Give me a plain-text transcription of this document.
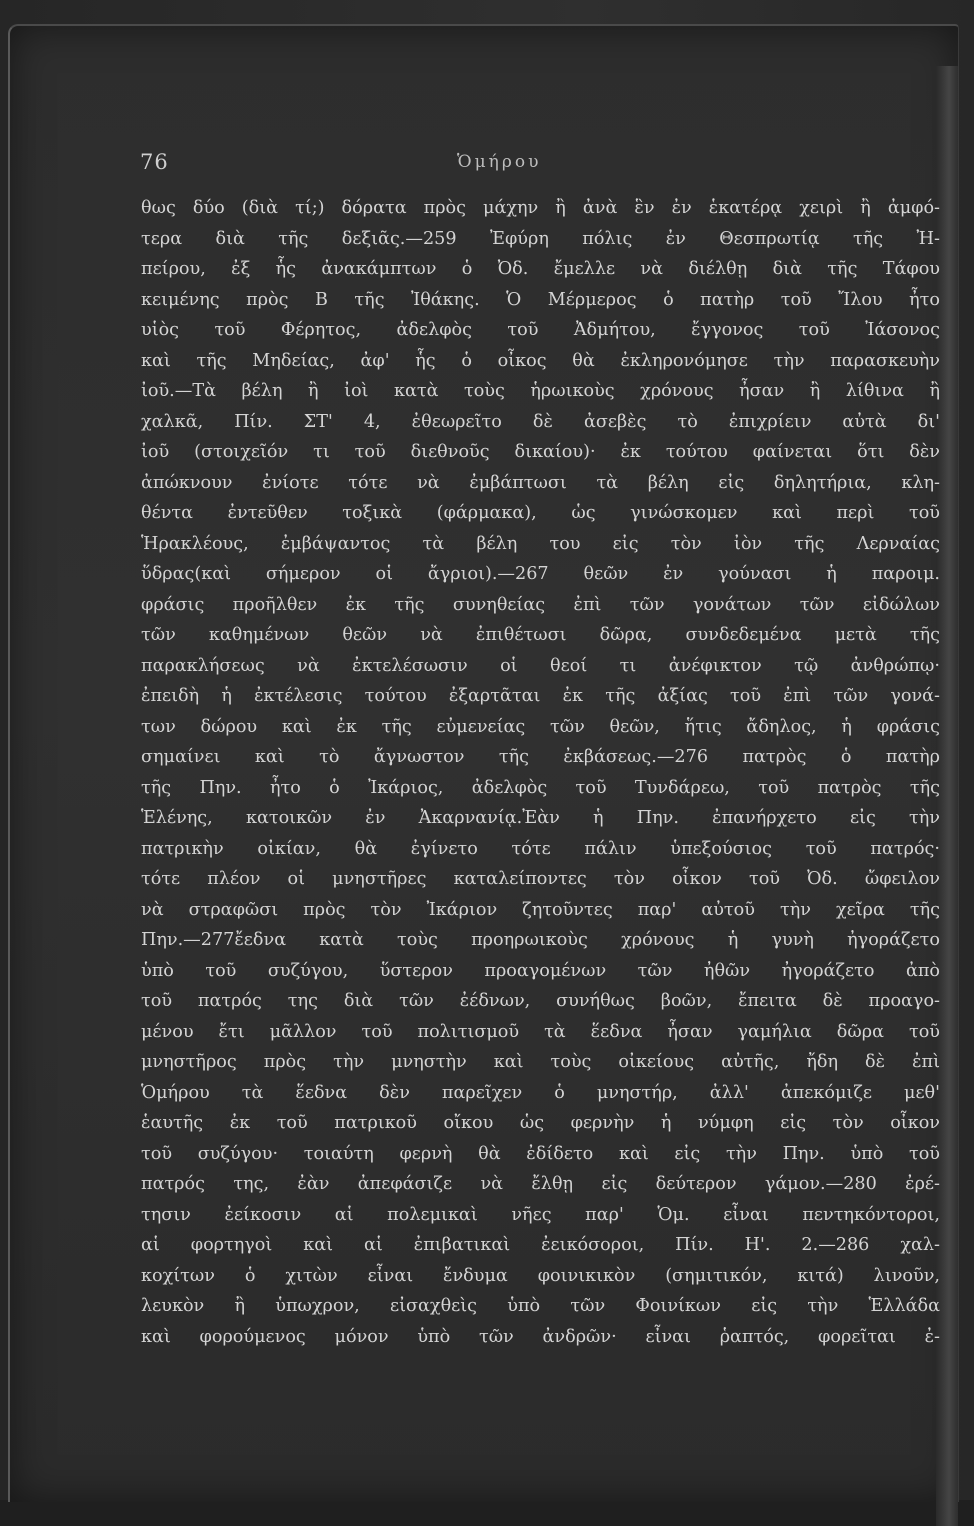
76	Ὁμήρου
θως δύο (διὰ τί;) δόρατα πρὸς μάχην ἢ ἀνὰ ἓν ἐν ἑκατέρᾳ χειρὶ ἢ ἀμφό-
τερα διὰ τῆς δεξιᾶς.—259 Ἐφύρη πόλις ἐν Θεσπρωτίᾳ τῆς Ἠ-
πείρου, ἐξ ἧς ἀνακάμπτων ὁ Ὀδ. ἔμελλε νὰ διέλθῃ διὰ τῆς Τάφου
κειμένης πρὸς Β τῆς Ἰθάκης. Ὁ Μέρμερος ὁ πατὴρ τοῦ Ἴλου ἦτο
υἱὸς τοῦ Φέρητος, ἀδελφὸς τοῦ Ἀδμήτου, ἔγγονος τοῦ Ἰάσονος
καὶ τῆς Μηδείας, ἀφ' ἧς ὁ οἶκος θὰ ἐκληρονόμησε τὴν παρασκευὴν
ἰοῦ.—Τὰ βέλη ἢ ἰοὶ κατὰ τοὺς ἡρωικοὺς χρόνους ἦσαν ἢ λίθινα ἢ
χαλκᾶ, Πίν. ΣΤ' 4, ἐθεωρεῖτο δὲ ἀσεβὲς τὸ ἐπιχρίειν αὐτὰ δι'
ἰοῦ (στοιχεῖόν τι τοῦ διεθνοῦς δικαίου)· ἐκ τούτου φαίνεται ὅτι δὲν
ἀπώκνουν ἐνίοτε τότε νὰ ἐμβάπτωσι τὰ βέλη εἰς δηλητήρια, κλη-
θέντα ἐντεῦθεν τοξικὰ (φάρμακα), ὡς γινώσκομεν καὶ περὶ τοῦ
Ἡρακλέους, ἐμβάψαντος τὰ βέλη του εἰς τὸν ἰὸν τῆς Λερναίας
ὕδρας(καὶ σήμερον οἱ ἄγριοι).—267 θεῶν ἐν γούνασι ἡ παροιμ.
φράσις προῆλθεν ἐκ τῆς συνηθείας ἐπὶ τῶν γονάτων τῶν εἰδώλων
τῶν καθημένων θεῶν νὰ ἐπιθέτωσι δῶρα, συνδεδεμένα μετὰ τῆς
παρακλήσεως νὰ ἐκτελέσωσιν οἱ θεοί τι ἀνέφικτον τῷ ἀνθρώπῳ·
ἐπειδὴ ἡ ἐκτέλεσις τούτου ἐξαρτᾶται ἐκ τῆς ἀξίας τοῦ ἐπὶ τῶν γονά-
των δώρου καὶ ἐκ τῆς εὐμενείας τῶν θεῶν, ἥτις ἄδηλος, ἡ φράσις
σημαίνει καὶ τὸ ἄγνωστον τῆς ἐκβάσεως.—276 πατρὸς ὁ πατὴρ
τῆς Πην. ἦτο ὁ Ἰκάριος, ἀδελφὸς τοῦ Τυνδάρεω, τοῦ πατρὸς τῆς
Ἑλένης, κατοικῶν ἐν Ἀκαρνανίᾳ.Ἐὰν ἡ Πην. ἐπανήρχετο εἰς τὴν
πατρικὴν οἰκίαν, θὰ ἐγίνετο τότε πάλιν ὑπεξούσιος τοῦ πατρός·
τότε πλέον οἱ μνηστῆρες καταλείποντες τὸν οἶκον τοῦ Ὀδ. ὤφειλον
νὰ στραφῶσι πρὸς τὸν Ἰκάριον ζητοῦντες παρ' αὐτοῦ τὴν χεῖρα τῆς
Πην.—277ἔεδνα κατὰ τοὺς προηρωικοὺς χρόνους ἡ γυνὴ ἠγοράζετο
ὑπὸ τοῦ συζύγου, ὕστερον προαγομένων τῶν ἠθῶν ἠγοράζετο ἀπὸ
τοῦ πατρός της διὰ τῶν ἐέδνων, συνήθως βοῶν, ἔπειτα δὲ προαγο-
μένου ἔτι μᾶλλον τοῦ πολιτισμοῦ τὰ ἕεδνα ἦσαν γαμήλια δῶρα τοῦ
μνηστῆρος πρὸς τὴν μνηστὴν καὶ τοὺς οἰκείους αὐτῆς, ἤδη δὲ ἐπὶ
Ὁμήρου τὰ ἕεδνα δὲν παρεῖχεν ὁ μνηστήρ, ἀλλ' ἀπεκόμιζε μεθ'
ἑαυτῆς ἐκ τοῦ πατρικοῦ οἴκου ὡς φερνὴν ἡ νύμφη εἰς τὸν οἶκον
τοῦ συζύγου· τοιαύτη φερνὴ θὰ ἐδίδετο καὶ εἰς τὴν Πην. ὑπὸ τοῦ
πατρός της, ἐὰν ἀπεφάσιζε νὰ ἔλθῃ εἰς δεύτερον γάμον.—280 ἐρέ-
τησιν ἐείκοσιν αἱ πολεμικαὶ νῆες παρ' Ὁμ. εἶναι πεντηκόντοροι,
αἱ φορτηγοὶ καὶ αἱ ἐπιβατικαὶ ἐεικόσοροι, Πίν. Η'. 2.—286 χαλ-
κοχίτων ὁ χιτὼν εἶναι ἔνδυμα φοινικικὸν (σημιτικόν, κιτά) λινοῦν,
λευκὸν ἢ ὑπωχρον, εἰσαχθεὶς ὑπὸ τῶν Φοινίκων εἰς τὴν Ἑλλάδα
καὶ φορούμενος μόνον ὑπὸ τῶν ἀνδρῶν· εἶναι ῥαπτός, φορεῖται ἐ-
